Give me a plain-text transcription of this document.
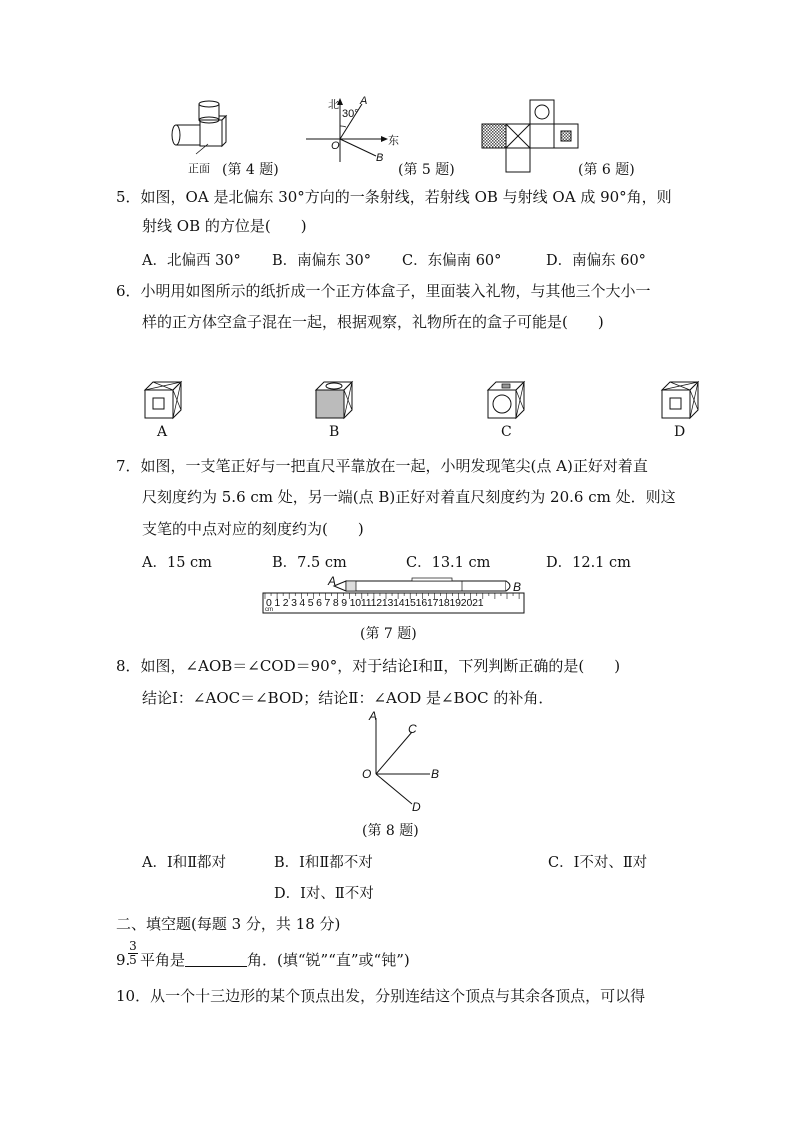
正面 (第 4 题)
北 A
30°
东
O
B
(第 5 题)	(第 6 题)
5．如图，OA 是北偏东 30°方向的一条射线，若射线 OB 与射线 OA 成 90°角，则
射线 OB 的方位是(　　)
A．北偏西 30° B．南偏东 30° C．东偏南 60°	D．南偏东 60°
6．小明用如图所示的纸折成一个正方体盒子，里面装入礼物，与其他三个大小一
样的正方体空盒子混在一起，根据观察，礼物所在的盒子可能是(　　)
A	B	C	D
7．如图，一支笔正好与一把直尺平靠放在一起，小明发现笔尖(点 A)正好对着直
尺刻度约为 5.6 cm 处，另一端(点 B)正好对着直尺刻度约为 20.6 cm 处．则这
支笔的中点对应的刻度约为(　　)
A．15 cm	B．7.5 cm	C．13.1 cm	D．12.1 cm
A	B
0 1 2 3 4 5 6 7 8 9 101112131415161718192021
cm
(第 7 题)
8．如图，∠AOB＝∠COD＝90°，对于结论Ⅰ和Ⅱ，下列判断正确的是(　　)
结论Ⅰ：∠AOC＝∠BOD；结论Ⅱ：∠AOD 是∠BOC 的补角．
A
C
O	B
D
(第 8 题)
A．Ⅰ和Ⅱ都对	B．Ⅰ和Ⅱ都不对	C．Ⅰ不对、Ⅱ对
D．Ⅰ对、Ⅱ不对
二、填空题(每题 3 分，共 18 分)
9.
$\frac{3}{5}$ 平角是	角．(填“锐”“直”或“钝”)
10．从一个十三边形的某个顶点出发，分别连结这个顶点与其余各顶点，可以得
